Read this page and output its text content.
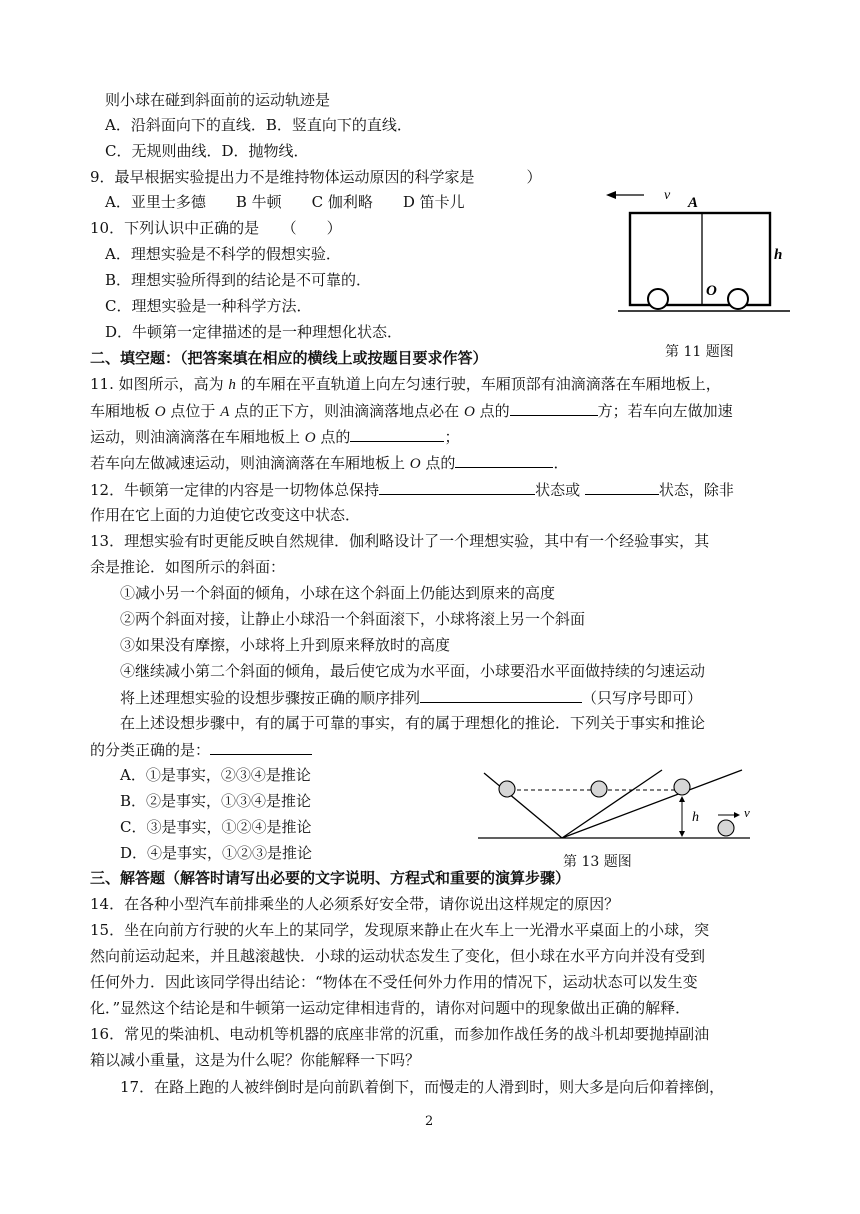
则小球在碰到斜面前的运动轨迹是
A．沿斜面向下的直线．B．竖直向下的直线．
C．无规则曲线．D．抛物线．
9．最早根据实验提出力不是维持物体运动原因的科学家是	）
A．亚里士多德　　B 牛顿　　C 伽利略　　D 笛卡儿
10．下列认识中正确的是　　（　　）
A．理想实验是不科学的假想实验．
B．理想实验所得到的结论是不可靠的．
C．理想实验是一种科学方法．
D．牛顿第一定律描述的是一种理想化状态．
二、填空题：（把答案填在相应的横线上或按题目要求作答）
11. 如图所示，高为 h 的车厢在平直轨道上向左匀速行驶，车厢顶部有油滴滴落在车厢地板上，
车厢地板 O 点位于 A 点的正下方，则油滴滴落地点必在 O 点的	方；若车向左做加速
运动，则油滴滴落在车厢地板上 O 点的	；
若车向左做减速运动，则油滴滴落在车厢地板上 O 点的	．
12．牛顿第一定律的内容是一切物体总保持	状态或	状态，除非
作用在它上面的力迫使它改变这中状态．
13．理想实验有时更能反映自然规律．伽利略设计了一个理想实验，其中有一个经验事实，其
余是推论．如图所示的斜面：
①减小另一个斜面的倾角，小球在这个斜面上仍能达到原来的高度
②两个斜面对接，让静止小球沿一个斜面滚下，小球将滚上另一个斜面
③如果没有摩擦，小球将上升到原来释放时的高度
④继续减小第二个斜面的倾角，最后使它成为水平面，小球要沿水平面做持续的匀速运动
将上述理想实验的设想步骤按正确的顺序排列	（只写序号即可）
在上述设想步骤中，有的属于可靠的事实，有的属于理想化的推论．下列关于事实和推论
的分类正确的是：
A．①是事实，②③④是推论
B．②是事实，①③④是推论
C．③是事实，①②④是推论
D．④是事实，①②③是推论
三、解答题（解答时请写出必要的文字说明、方程式和重要的演算步骤）
14．在各种小型汽车前排乘坐的人必须系好安全带，请你说出这样规定的原因？
15．坐在向前方行驶的火车上的某同学，发现原来静止在火车上一光滑水平桌面上的小球，突
然向前运动起来，并且越滚越快．小球的运动状态发生了变化，但小球在水平方向并没有受到
任何外力．因此该同学得出结论：“物体在不受任何外力作用的情况下，运动状态可以发生变
化．”显然这个结论是和牛顿第一运动定律相违背的，请你对问题中的现象做出正确的解释．
16．常见的柴油机、电动机等机器的底座非常的沉重，而参加作战任务的战斗机却要抛掉副油
箱以减小重量，这是为什么呢？你能解释一下吗？
17．在路上跑的人被绊倒时是向前趴着倒下，而慢走的人滑到时，则大多是向后仰着摔倒，
v A
h
O
第 11 题图
h	v
第 13 题图
2
